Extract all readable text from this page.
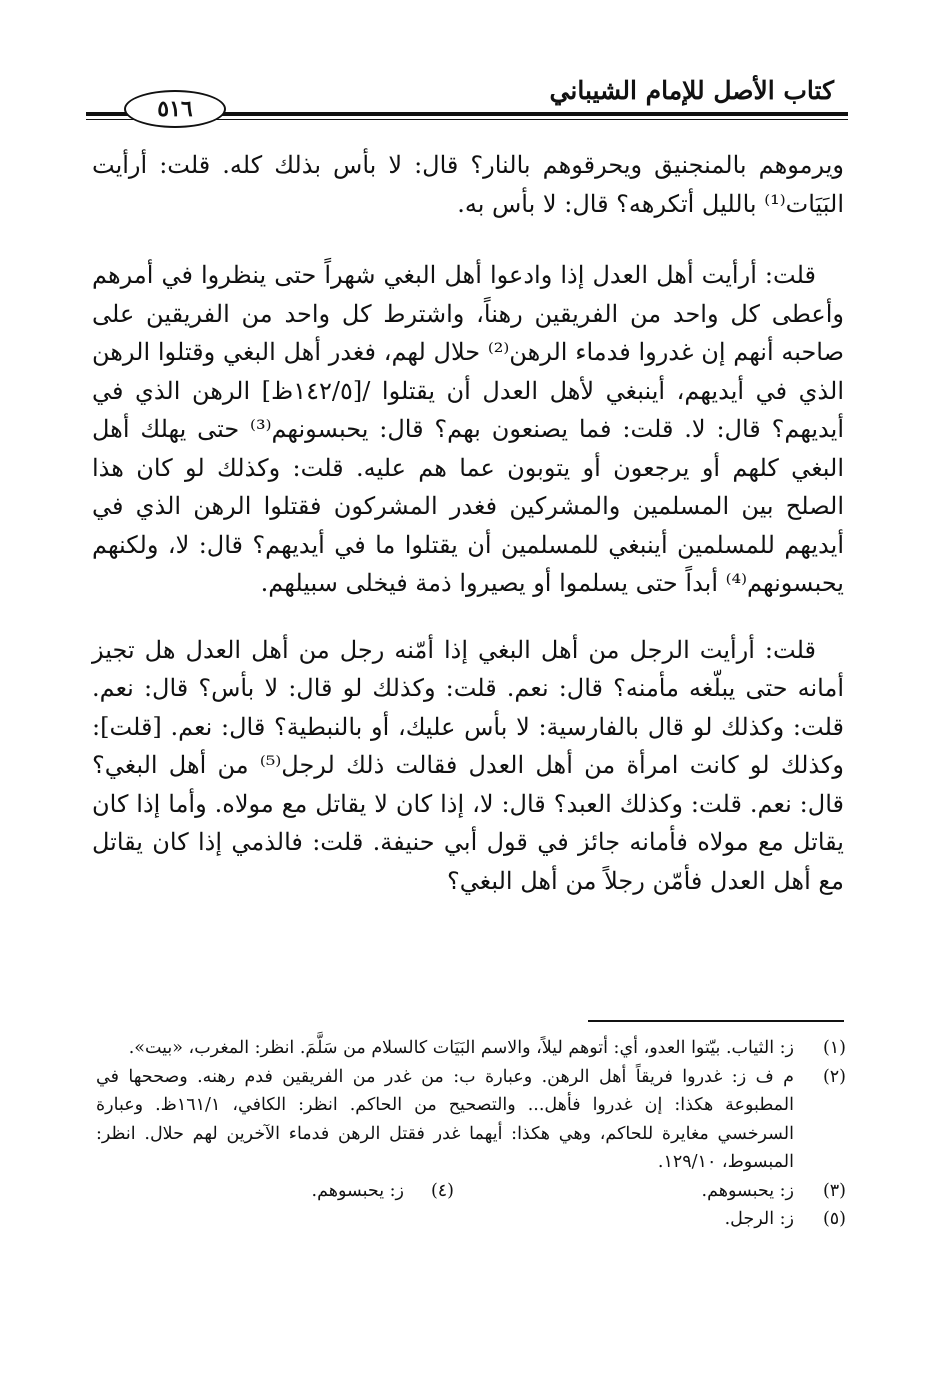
كتاب الأصل للإمام الشيباني
٥١٦

ويرموهم بالمنجنيق ويحرقوهم بالنار؟ قال: لا بأس بذلك كله. قلت: أرأيت البَيَات⁽¹⁾ بالليل أتكرهه؟ قال: لا بأس به.

قلت: أرأيت أهل العدل إذا وادعوا أهل البغي شهراً حتى ينظروا في أمرهم وأعطى كل واحد من الفريقين رهناً، واشترط كل واحد من الفريقين على صاحبه أنهم إن غدروا فدماء الرهن⁽²⁾ حلال لهم، فغدر أهل البغي وقتلوا الرهن الذي في أيديهم، أينبغي لأهل العدل أن يقتلوا /[١٤٢/٥ظ] الرهن الذي في أيديهم؟ قال: لا. قلت: فما يصنعون بهم؟ قال: يحبسونهم⁽³⁾ حتى يهلك أهل البغي كلهم أو يرجعون أو يتوبون عما هم عليه. قلت: وكذلك لو كان هذا الصلح بين المسلمين والمشركين فغدر المشركون فقتلوا الرهن الذي في أيديهم للمسلمين أينبغي للمسلمين أن يقتلوا ما في أيديهم؟ قال: لا، ولكنهم يحبسونهم⁽⁴⁾ أبداً حتى يسلموا أو يصيروا ذمة فيخلى سبيلهم.

قلت: أرأيت الرجل من أهل البغي إذا أمّنه رجل من أهل العدل هل تجيز أمانه حتى يبلّغه مأمنه؟ قال: نعم. قلت: وكذلك لو قال: لا بأس؟ قال: نعم. قلت: وكذلك لو قال بالفارسية: لا بأس عليك، أو بالنبطية؟ قال: نعم. [قلت]: وكذلك لو كانت امرأة من أهل العدل فقالت ذلك لرجل⁽⁵⁾ من أهل البغي؟ قال: نعم. قلت: وكذلك العبد؟ قال: لا، إذا كان لا يقاتل مع مولاه. وأما إذا كان يقاتل مع مولاه فأمانه جائز في قول أبي حنيفة. قلت: فالذمي إذا كان يقاتل مع أهل العدل فأمّن رجلاً من أهل البغي؟

(١)
ز: الثياب. بيّتوا العدو، أي: أتوهم ليلاً، والاسم البَيَات كالسلام من سَلَّمَ. انظر: المغرب، «بيت».
(٢)
م ف ز: غدروا فريقاً أهل الرهن. وعبارة ب: من غدر من الفريقين فدم رهنه. وصححها في المطبوعة هكذا: إن غدروا فأهل... والتصحيح من الحاكم. انظر: الكافي، ١٦١/١ظ. وعبارة السرخسي مغايرة للحاكم، وهي هكذا: أيهما غدر فقتل الرهن فدماء الآخرين لهم حلال. انظر: المبسوط، ١٢٩/١٠.
(٣)
ز: يحبسوهم.
(٤)
ز: يحبسوهم.
(٥)
ز: الرجل.
